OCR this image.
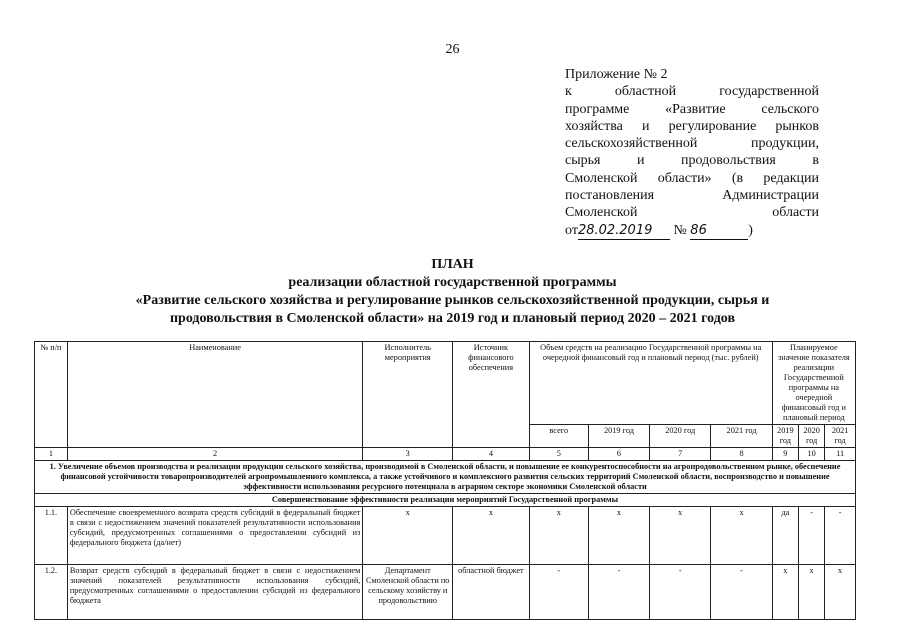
26
Приложение № 2
к областной государственной
программе «Развитие сельского
хозяйства и регулирование рынков
сельскохозяйственной продукции,
сырья и продовольствия в
Смоленской области» (в редакции
постановления Администрации
Смоленской области
от28.02.2019 № 86	)
ПЛАН
реализации областной государственной программы
«Развитие сельского хозяйства и регулирование рынков сельскохозяйственной продукции, сырья и
продовольствия в Смоленской области» на 2019 год и плановый период 2020 – 2021 годов
№ п/п	Наименование	Исполнитель мероприятия	Источник финансового обеспечения	Объем средств на реализацию Государственной программы на очередной финансовый год и плановый период (тыс. рублей)				Планируемое значение показателя реализации Государственной программы на очередной финансовый год и плановый период		
				всего	2019 год	2020 год	2021 год	2019 год	2020 год	2021 год
1	2	3	4	5	6	7	8	9	10	11
1. Увеличение объемов производства и реализации продукции сельского хозяйства, производимой в Смоленской области, и повышение ее конкурентоспособности на агропродовольственном рынке, обеспечение финансовой устойчивости товаропроизводителей агропромышленного комплекса, а также устойчивого и комплексного развития сельских территорий Смоленской области, воспроизводство и повышение эффективности использования ресурсного потенциала в аграрном секторе экономики Смоленской области										
Совершенствование эффективности реализации мероприятий Государственной программы										
1.1.	Обеспечение своевременного возврата средств субсидий в федеральный бюджет в связи с недостижением значений показателей результативности использования субсидий, предусмотренных соглашениями о предоставлении субсидий из федерального бюджета (да/нет)	х	х	х	х	х	х	да	-	-
1.2.	Возврат средств субсидий в федеральный бюджет в связи с недостижением значений показателей результативности использования субсидий, предусмотренных соглашениями о предоставлении субсидий из федерального бюджета	Департамент Смоленской области по сельскому хозяйству и продовольствию	областной бюджет	-	-	-	-	х	х	х
